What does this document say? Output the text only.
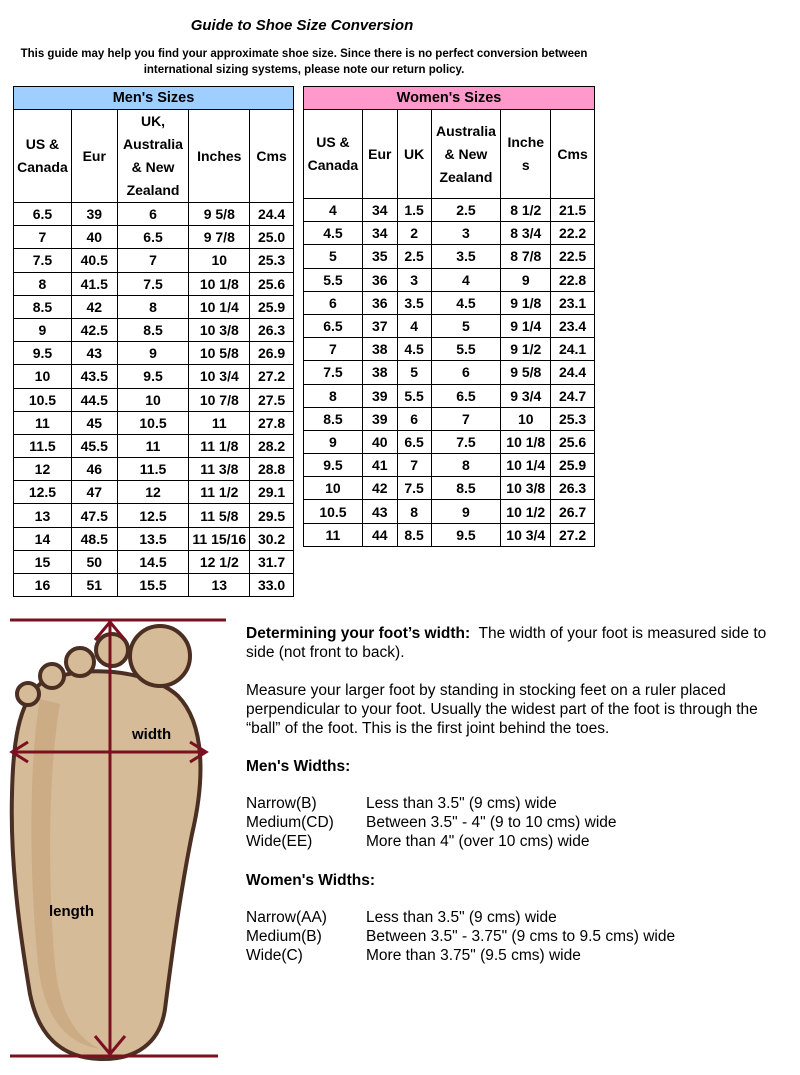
Guide to Shoe Size Conversion
This guide may help you find your approximate shoe size. Since there is no perfect conversion between
international sizing systems, please note our return policy.
Men's Sizes				
US &
Canada	Eur	UK,
Australia
& New
Zealand	Inches	Cms
6.5	39	6	9 5/8	24.4
7	40	6.5	9 7/8	25.0
7.5	40.5	7	10	25.3
8	41.5	7.5	10 1/8	25.6
8.5	42	8	10 1/4	25.9
9	42.5	8.5	10 3/8	26.3
9.5	43	9	10 5/8	26.9
10	43.5	9.5	10 3/4	27.2
10.5	44.5	10	10 7/8	27.5
11	45	10.5	11	27.8
11.5	45.5	11	11 1/8	28.2
12	46	11.5	11 3/8	28.8
12.5	47	12	11 1/2	29.1
13	47.5	12.5	11 5/8	29.5
14	48.5	13.5	11 15/16	30.2
15	50	14.5	12 1/2	31.7
16	51	15.5	13	33.0
Women's Sizes					
US &
Canada	Eur	UK	Australia
& New
Zealand	Inche
s	Cms
4	34	1.5	2.5	8 1/2	21.5
4.5	34	2	3	8 3/4	22.2
5	35	2.5	3.5	8 7/8	22.5
5.5	36	3	4	9	22.8
6	36	3.5	4.5	9 1/8	23.1
6.5	37	4	5	9 1/4	23.4
7	38	4.5	5.5	9 1/2	24.1
7.5	38	5	6	9 5/8	24.4
8	39	5.5	6.5	9 3/4	24.7
8.5	39	6	7	10	25.3
9	40	6.5	7.5	10 1/8	25.6
9.5	41	7	8	10 1/4	25.9
10	42	7.5	8.5	10 3/8	26.3
10.5	43	8	9	10 1/2	26.7
11	44	8.5	9.5	10 3/4	27.2
width
length
Determining your foot’s width:  The width of your foot is measured side to side (not front to back).
Measure your larger foot by standing in stocking feet on a ruler placed perpendicular to your foot. Usually the widest part of the foot is through the “ball” of the foot. This is the first joint behind the toes.
Men's Widths:
Narrow(B)	Less than 3.5" (9 cms) wide
Medium(CD) Between 3.5" - 4" (9 to 10 cms) wide
Wide(EE)	More than 4" (over 10 cms) wide
Women's Widths:
Narrow(AA)	Less than 3.5" (9 cms) wide
Medium(B)	Between 3.5" - 3.75" (9 cms to 9.5 cms) wide
Wide(C)	More than 3.75" (9.5 cms) wide
